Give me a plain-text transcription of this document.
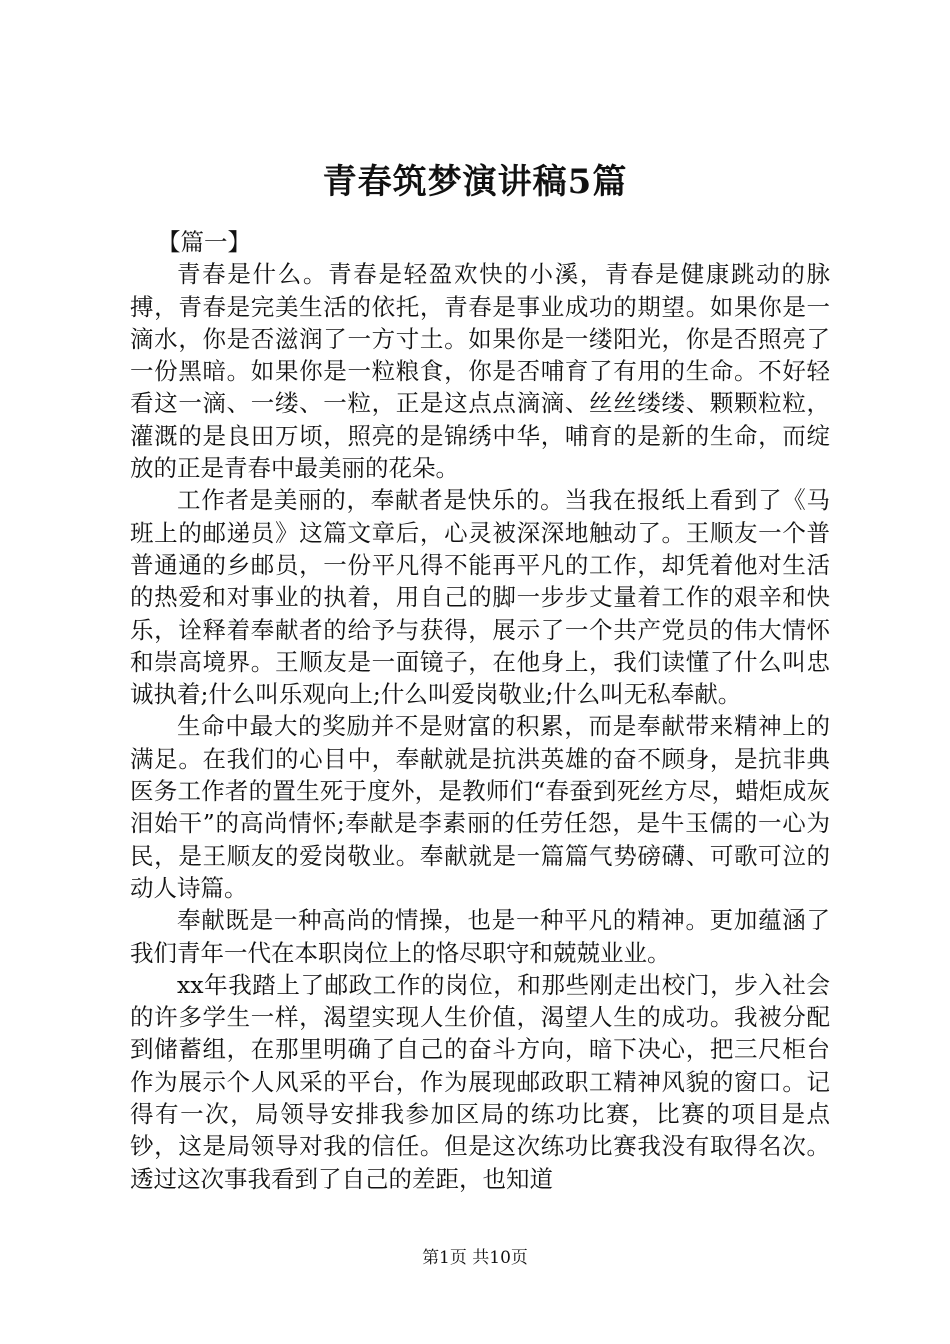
青春筑梦演讲稿5篇

【篇一】

青春是什么。青春是轻盈欢快的小溪，青春是健康跳动的脉搏，青春是完美生活的依托，青春是事业成功的期望。如果你是一滴水，你是否滋润了一方寸土。如果你是一缕阳光，你是否照亮了一份黑暗。如果你是一粒粮食，你是否哺育了有用的生命。不好轻看这一滴、一缕、一粒，正是这点点滴滴、丝丝缕缕、颗颗粒粒，灌溉的是良田万顷，照亮的是锦绣中华，哺育的是新的生命，而绽放的正是青春中最美丽的花朵。

工作者是美丽的，奉献者是快乐的。当我在报纸上看到了《马班上的邮递员》这篇文章后，心灵被深深地触动了。王顺友一个普普通通的乡邮员，一份平凡得不能再平凡的工作，却凭着他对生活的热爱和对事业的执着，用自己的脚一步步丈量着工作的艰辛和快乐，诠释着奉献者的给予与获得，展示了一个共产党员的伟大情怀和崇高境界。王顺友是一面镜子，在他身上，我们读懂了什么叫忠诚执着;什么叫乐观向上;什么叫爱岗敬业;什么叫无私奉献。

生命中最大的奖励并不是财富的积累，而是奉献带来精神上的满足。在我们的心目中，奉献就是抗洪英雄的奋不顾身，是抗非典医务工作者的置生死于度外，是教师们“春蚕到死丝方尽，蜡炬成灰泪始干”的高尚情怀;奉献是李素丽的任劳任怨，是牛玉儒的一心为民，是王顺友的爱岗敬业。奉献就是一篇篇气势磅礴、可歌可泣的动人诗篇。

奉献既是一种高尚的情操，也是一种平凡的精神。更加蕴涵了我们青年一代在本职岗位上的恪尽职守和兢兢业业。

xx年我踏上了邮政工作的岗位，和那些刚走出校门，步入社会的许多学生一样，渴望实现人生价值，渴望人生的成功。我被分配到储蓄组，在那里明确了自己的奋斗方向，暗下决心，把三尺柜台作为展示个人风采的平台，作为展现邮政职工精神风貌的窗口。记得有一次，局领导安排我参加区局的练功比赛，比赛的项目是点钞，这是局领导对我的信任。但是这次练功比赛我没有取得名次。透过这次事我看到了自己的差距，也知道

第1页 共10页
